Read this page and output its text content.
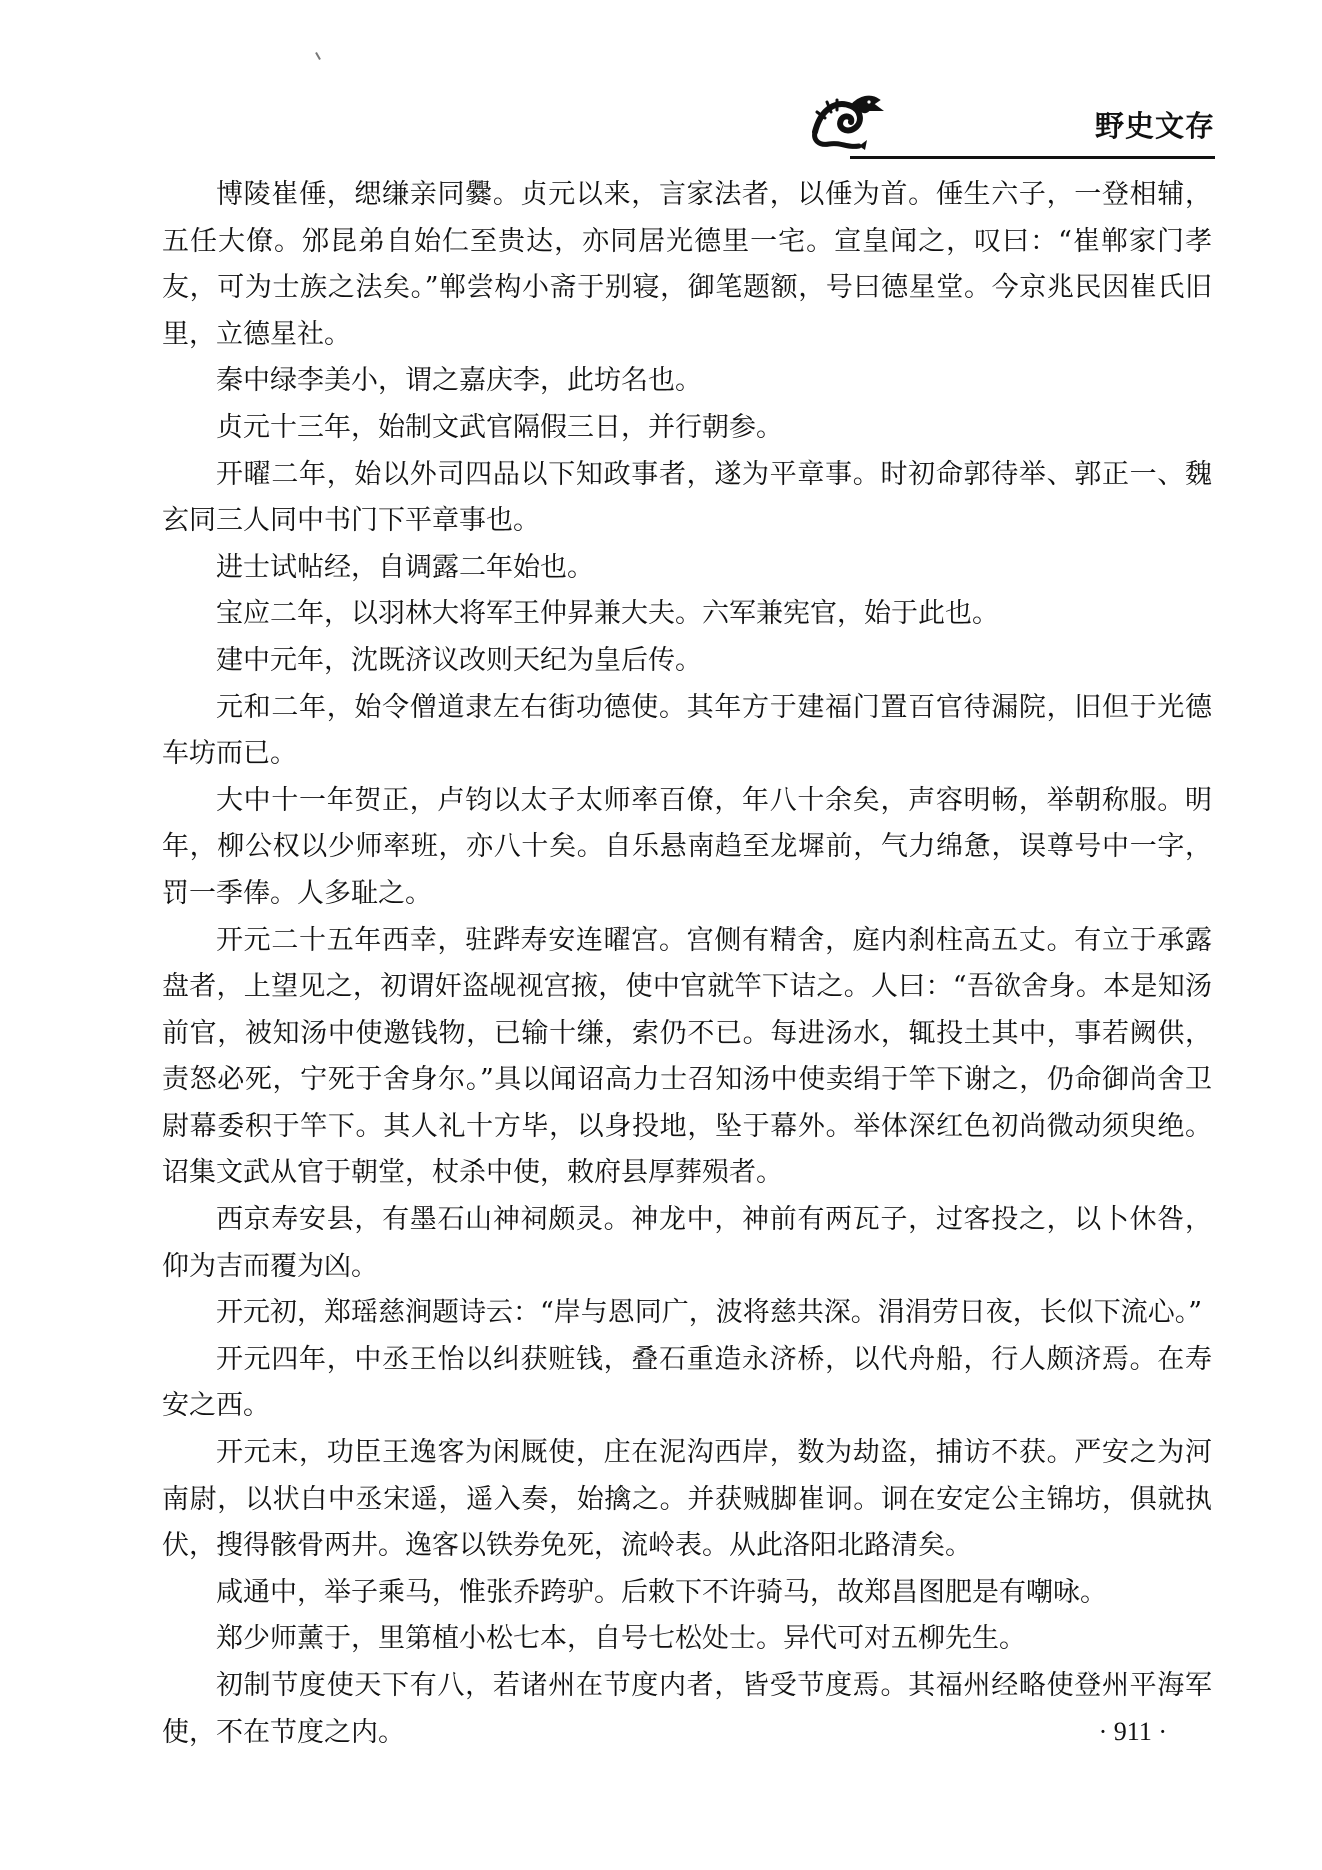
野史文存

博陵崔倕，缌缣亲同爨。贞元以来，言家法者，以倕为首。倕生六子，一登相辅，五任大僚。邠昆弟自始仁至贵达，亦同居光德里一宅。宣皇闻之，叹曰：“崔郸家门孝友，可为士族之法矣。”郸尝构小斋于别寝，御笔题额，号曰德星堂。今京兆民因崔氏旧里，立德星社。

秦中绿李美小，谓之嘉庆李，此坊名也。

贞元十三年，始制文武官隔假三日，并行朝参。

开曜二年，始以外司四品以下知政事者，遂为平章事。时初命郭待举、郭正一、魏玄同三人同中书门下平章事也。

进士试帖经，自调露二年始也。

宝应二年，以羽林大将军王仲昇兼大夫。六军兼宪官，始于此也。

建中元年，沈既济议改则天纪为皇后传。

元和二年，始令僧道隶左右街功德使。其年方于建福门置百官待漏院，旧但于光德车坊而已。

大中十一年贺正，卢钧以太子太师率百僚，年八十余矣，声容明畅，举朝称服。明年，柳公权以少师率班，亦八十矣。自乐悬南趋至龙墀前，气力绵惫，误尊号中一字，罚一季俸。人多耻之。

开元二十五年西幸，驻跸寿安连曜宫。宫侧有精舍，庭内刹柱高五丈。有立于承露盘者，上望见之，初谓奸盗觇视宫掖，使中官就竿下诘之。人曰：“吾欲舍身。本是知汤前官，被知汤中使邀钱物，已输十缣，索仍不已。每进汤水，辄投土其中，事若阙供，责怒必死，宁死于舍身尔。”具以闻诏高力士召知汤中使卖绢于竿下谢之，仍命御尚舍卫尉幕委积于竿下。其人礼十方毕，以身投地，坠于幕外。举体深红色初尚微动须臾绝。诏集文武从官于朝堂，杖杀中使，敕府县厚葬殒者。

西京寿安县，有墨石山神祠颇灵。神龙中，神前有两瓦子，过客投之，以卜休咎，仰为吉而覆为凶。

开元初，郑瑶慈涧题诗云：“岸与恩同广，波将慈共深。涓涓劳日夜，长似下流心。”

开元四年，中丞王怡以纠获赃钱，叠石重造永济桥，以代舟船，行人颇济焉。在寿安之西。

开元末，功臣王逸客为闲厩使，庄在泥沟西岸，数为劫盗，捕访不获。严安之为河南尉，以状白中丞宋遥，遥入奏，始擒之。并获贼脚崔诇。诇在安定公主锦坊，俱就执伏，搜得骸骨两井。逸客以铁券免死，流岭表。从此洛阳北路清矣。

咸通中，举子乘马，惟张乔跨驴。后敕下不许骑马，故郑昌图肥是有嘲咏。

郑少师薰于，里第植小松七本，自号七松处士。异代可对五柳先生。

初制节度使天下有八，若诸州在节度内者，皆受节度焉。其福州经略使登州平海军使，不在节度之内。	· 911 ·
